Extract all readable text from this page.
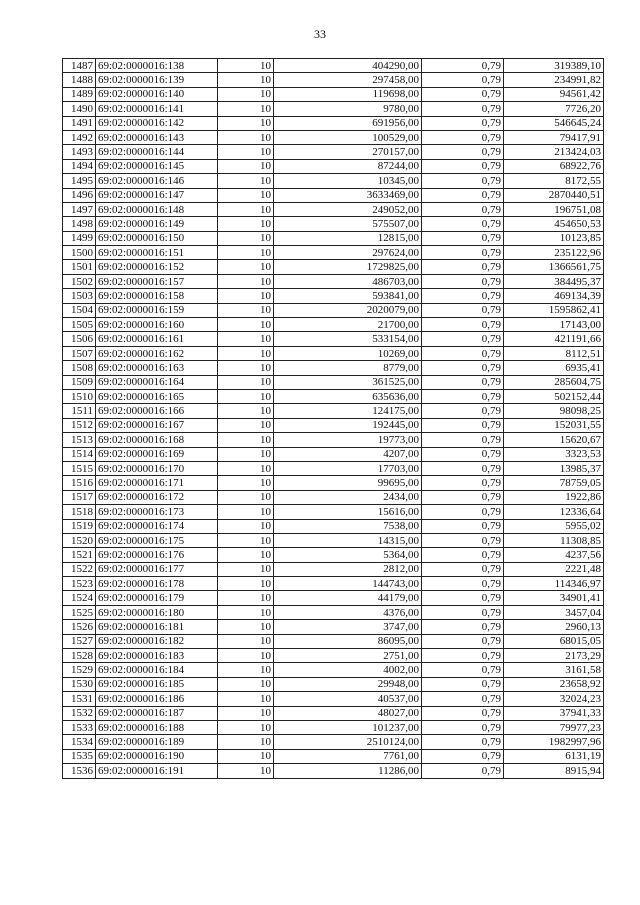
33
1487	69:02:0000016:138	10	404290,00	0,79	319389,10
1488	69:02:0000016:139	10	297458,00	0,79	234991,82
1489	69:02:0000016:140	10	119698,00	0,79	94561,42
1490	69:02:0000016:141	10	9780,00	0,79	7726,20
1491	69:02:0000016:142	10	691956,00	0,79	546645,24
1492	69:02:0000016:143	10	100529,00	0,79	79417,91
1493	69:02:0000016:144	10	270157,00	0,79	213424,03
1494	69:02:0000016:145	10	87244,00	0,79	68922,76
1495	69:02:0000016:146	10	10345,00	0,79	8172,55
1496	69:02:0000016:147	10	3633469,00	0,79	2870440,51
1497	69:02:0000016:148	10	249052,00	0,79	196751,08
1498	69:02:0000016:149	10	575507,00	0,79	454650,53
1499	69:02:0000016:150	10	12815,00	0,79	10123,85
1500	69:02:0000016:151	10	297624,00	0,79	235122,96
1501	69:02:0000016:152	10	1729825,00	0,79	1366561,75
1502	69:02:0000016:157	10	486703,00	0,79	384495,37
1503	69:02:0000016:158	10	593841,00	0,79	469134,39
1504	69:02:0000016:159	10	2020079,00	0,79	1595862,41
1505	69:02:0000016:160	10	21700,00	0,79	17143,00
1506	69:02:0000016:161	10	533154,00	0,79	421191,66
1507	69:02:0000016:162	10	10269,00	0,79	8112,51
1508	69:02:0000016:163	10	8779,00	0,79	6935,41
1509	69:02:0000016:164	10	361525,00	0,79	285604,75
1510	69:02:0000016:165	10	635636,00	0,79	502152,44
1511	69:02:0000016:166	10	124175,00	0,79	98098,25
1512	69:02:0000016:167	10	192445,00	0,79	152031,55
1513	69:02:0000016:168	10	19773,00	0,79	15620,67
1514	69:02:0000016:169	10	4207,00	0,79	3323,53
1515	69:02:0000016:170	10	17703,00	0,79	13985,37
1516	69:02:0000016:171	10	99695,00	0,79	78759,05
1517	69:02:0000016:172	10	2434,00	0,79	1922,86
1518	69:02:0000016:173	10	15616,00	0,79	12336,64
1519	69:02:0000016:174	10	7538,00	0,79	5955,02
1520	69:02:0000016:175	10	14315,00	0,79	11308,85
1521	69:02:0000016:176	10	5364,00	0,79	4237,56
1522	69:02:0000016:177	10	2812,00	0,79	2221,48
1523	69:02:0000016:178	10	144743,00	0,79	114346,97
1524	69:02:0000016:179	10	44179,00	0,79	34901,41
1525	69:02:0000016:180	10	4376,00	0,79	3457,04
1526	69:02:0000016:181	10	3747,00	0,79	2960,13
1527	69:02:0000016:182	10	86095,00	0,79	68015,05
1528	69:02:0000016:183	10	2751,00	0,79	2173,29
1529	69:02:0000016:184	10	4002,00	0,79	3161,58
1530	69:02:0000016:185	10	29948,00	0,79	23658,92
1531	69:02:0000016:186	10	40537,00	0,79	32024,23
1532	69:02:0000016:187	10	48027,00	0,79	37941,33
1533	69:02:0000016:188	10	101237,00	0,79	79977,23
1534	69:02:0000016:189	10	2510124,00	0,79	1982997,96
1535	69:02:0000016:190	10	7761,00	0,79	6131,19
1536	69:02:0000016:191	10	11286,00	0,79	8915,94
